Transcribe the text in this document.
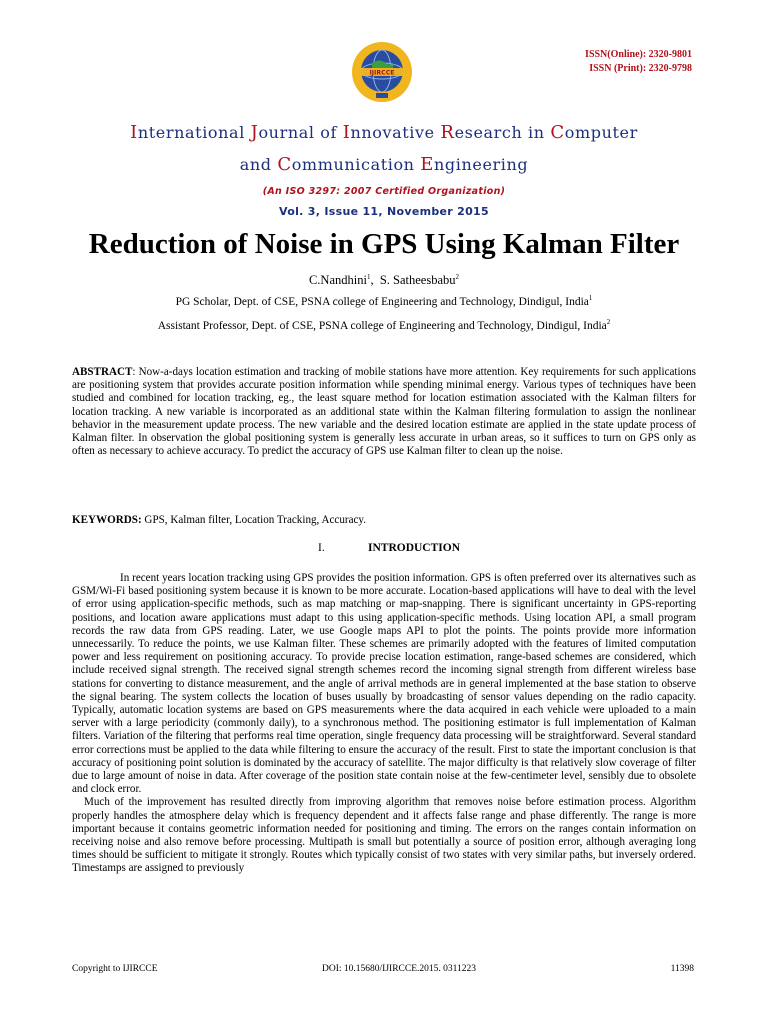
IJIRCCE
ISSN(Online): 2320-9801
ISSN (Print): 2320-9798
International Journal of Innovative Research in Computer
and Communication Engineering
(An ISO 3297: 2007 Certified Organization)
Vol. 3, Issue 11, November 2015
Reduction of Noise in GPS Using Kalman Filter
C.Nandhini$^1$,  S. Satheesbabu$^2$
PG Scholar, Dept. of CSE, PSNA college of Engineering and Technology, Dindigul, India$^1$
Assistant Professor, Dept. of CSE, PSNA college of Engineering and Technology, Dindigul, India$^2$
ABSTRACT: Now-a-days location estimation and tracking of mobile stations have more attention. Key requirements for such applications are positioning system that provides accurate position information while spending minimal energy. Various types of techniques have been studied and combined for location tracking, eg., the least square method for location estimation associated with the Kalman filters for location tracking. A new variable is incorporated as an additional state within the Kalman filtering formulation to assign the nonlinear behavior in the measurement update process. The new variable and the desired location estimate are applied in the state update process of Kalman filter. In observation the global positioning system is generally less accurate in urban areas, so it suffices to turn on GPS only as often as necessary to achieve accuracy. To predict the accuracy of GPS use Kalman filter to clean up the noise.
KEYWORDS: GPS, Kalman filter, Location Tracking, Accuracy.
I.	INTRODUCTION

In recent years location tracking using GPS provides the position information. GPS is often preferred over its alternatives such as GSM/Wi-Fi based positioning system because it is known to be more accurate. Location-based applications will have to deal with the level of error using application-specific methods, such as map matching or map-snapping. There is significant uncertainty in GPS-reporting positions, and location aware applications must adapt to this using application-specific methods. Using location API, a small program records the raw data from GPS reading. Later, we use Google maps API to plot the points. The points provide more information unnecessarily. To reduce the points, we use Kalman filter. These schemes are primarily adopted with the features of limited computation power and less requirement on positioning accuracy. To provide precise location estimation, range-based schemes are considered, which include received signal strength. The received signal strength schemes record the incoming signal strength from different wireless base stations for converting to distance measurement, and the angle of arrival methods are in general implemented at the base station to observe the signal bearing. The system collects the location of buses usually by broadcasting of sensor values depending on the radio capacity. Typically, automatic location systems are based on GPS measurements where the data acquired in each vehicle were uploaded to a main server with a large periodicity (commonly daily), to a synchronous method. The positioning estimator is full implementation of Kalman filters. Variation of the filtering that performs real time operation, single frequency data processing will be straightforward. Several standard error corrections must be applied to the data while filtering to ensure the accuracy of the result. First to state the important conclusion is that accuracy of positioning point solution is dominated by the accuracy of satellite. The major difficulty is that relatively slow coverage of filter due to large amount of noise in data. After coverage of the position state contain noise at the few-centimeter level, sensibly due to obsolete and clock error.

Much of the improvement has resulted directly from improving algorithm that removes noise before estimation process. Algorithm properly handles the atmosphere delay which is frequency dependent and it affects false range and phase differently. The range is more important because it contains geometric information needed for positioning and timing. The errors on the ranges contain information on receiving noise and also remove before processing. Multipath is small but potentially a source of position error, although averaging long times should be sufficient to mitigate it strongly. Routes which typically consist of two states with very similar paths, but inversely ordered. Timestamps are assigned to previously

Copyright to IJIRCCE	DOI: 10.15680/IJIRCCE.2015. 0311223	11398
